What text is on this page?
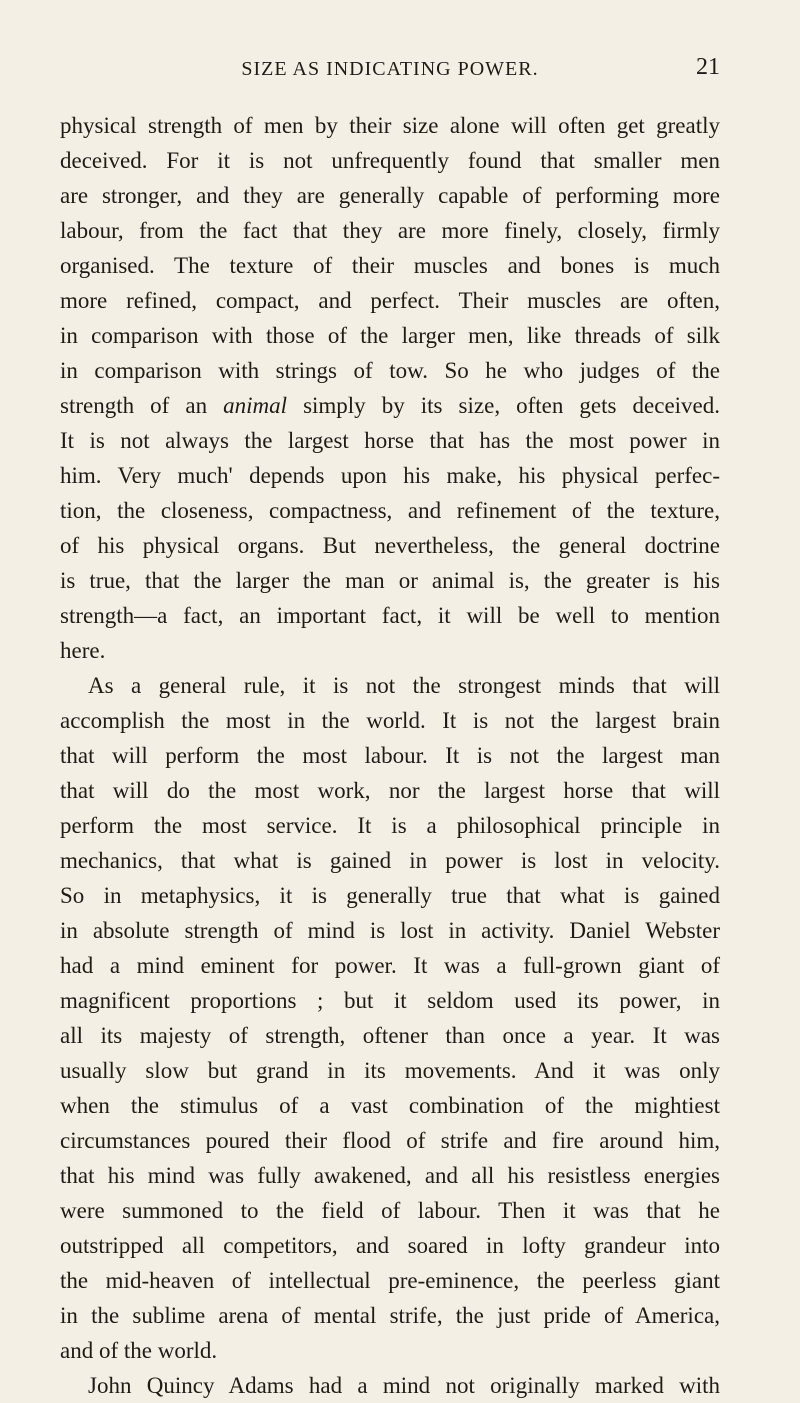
SIZE AS INDICATING POWER.	21
physical strength of men by their size alone will often get greatly
deceived. For it is not unfrequently found that smaller men
are stronger, and they are generally capable of performing more
labour, from the fact that they are more finely, closely, firmly
organised. The texture of their muscles and bones is much
more refined, compact, and perfect. Their muscles are often,
in comparison with those of the larger men, like threads of silk
in comparison with strings of tow. So he who judges of the
strength of an animal simply by its size, often gets deceived.
It is not always the largest horse that has the most power in
him. Very much' depends upon his make, his physical perfec-
tion, the closeness, compactness, and refinement of the texture,
of his physical organs. But nevertheless, the general doctrine
is true, that the larger the man or animal is, the greater is his
strength—a fact, an important fact, it will be well to mention
here.
As a general rule, it is not the strongest minds that will
accomplish the most in the world. It is not the largest brain
that will perform the most labour. It is not the largest man
that will do the most work, nor the largest horse that will
perform the most service. It is a philosophical principle in
mechanics, that what is gained in power is lost in velocity.
So in metaphysics, it is generally true that what is gained
in absolute strength of mind is lost in activity. Daniel Webster
had a mind eminent for power. It was a full-grown giant of
magnificent proportions ; but it seldom used its power, in
all its majesty of strength, oftener than once a year. It was
usually slow but grand in its movements. And it was only
when the stimulus of a vast combination of the mightiest
circumstances poured their flood of strife and fire around him,
that his mind was fully awakened, and all his resistless energies
were summoned to the field of labour. Then it was that he
outstripped all competitors, and soared in lofty grandeur into
the mid-heaven of intellectual pre-eminence, the peerless giant
in the sublime arena of mental strife, the just pride of America,
and of the world.
John Quincy Adams had a mind not originally marked with
